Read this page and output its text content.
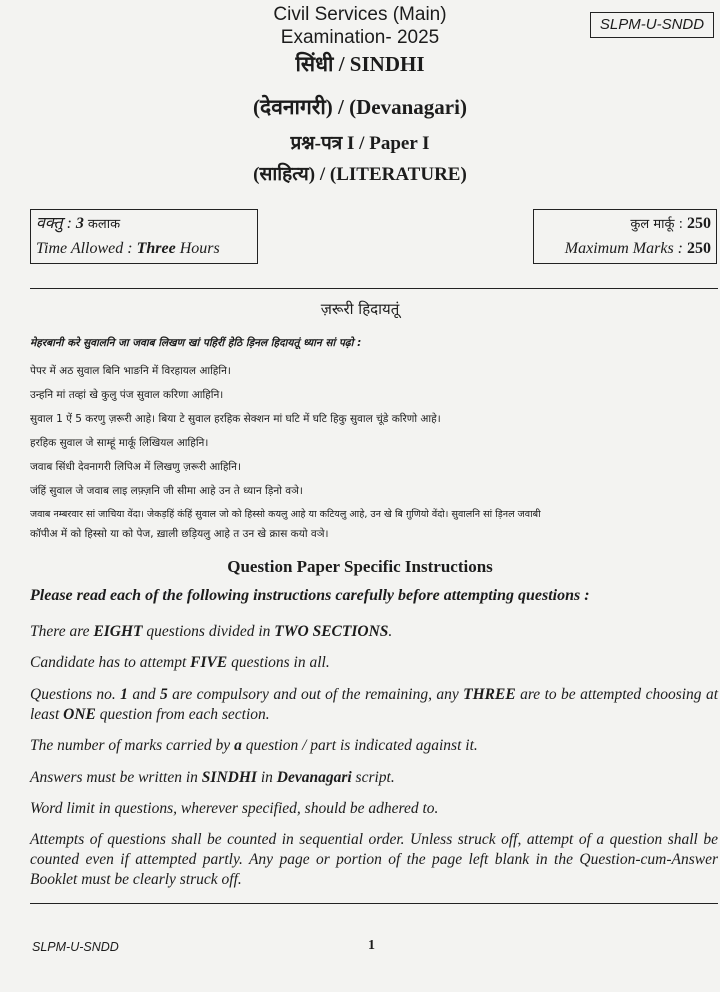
Civil Services (Main)
Examination- 2025
सिंधी / SINDHI
(देवनागरी) / (Devanagari)
प्रश्न-पत्र I / Paper I
(साहित्य) / (LITERATURE)
SLPM-U-SNDD
वक्तु : 3 कलाक
Time Allowed : Three Hours
कुल मार्कू : 250
Maximum Marks : 250
ज़रूरी हिदायतूं
मेहरबानी करे सुवालनि जा जवाब लिखण खां पहिरीं हेठि ड़िनल हिदायतूं ध्यान सां पढ़ो :
पेपर में अठ सुवाल बिनि भाङनि में विरहायल आहिनि।
उन्हनि मां तव्हां खे कुलु पंज सुवाल करिणा आहिनि।
सुवाल 1 ऐं 5 करणु ज़रूरी आहे। बिया टे सुवाल हरहिक सेक्शन मां घटि में घटि हिकु सुवाल चूंडे करिणो आहे।
हरहिक सुवाल जे साम्हूं मार्कू लिखियल आहिनि।
जवाब सिंधी देवनागरी लिपिअ में लिखणु ज़रूरी आहिनि।
जंहिं सुवाल जे जवाब लाइ लफ़्ज़नि जी सीमा आहे उन ते ध्यान ड़िनो वञे।
जवाब नम्बरवार सां जाचिया वेंदा। जेकड़हिं कंहिं सुवाल जो को हिस्सो कयलु आहे या कटियलु आहे, उन खे बि ग़ुणियो वेंदो। सुवालनि सां ड़िनल जवाबी
कॉपीअ में को हिस्सो या को पेज, ख़ाली छड़ियलु आहे त उन खे क्रास कयो वञे।
Question Paper Specific Instructions
Please read each of the following instructions carefully before attempting questions :
There are EIGHT questions divided in TWO SECTIONS.
Candidate has to attempt FIVE questions in all.
Questions no. 1 and 5 are compulsory and out of the remaining, any THREE are to be attempted choosing at least ONE question from each section.
The number of marks carried by a question / part is indicated against it.
Answers must be written in SINDHI in Devanagari script.
Word limit in questions, wherever specified, should be adhered to.
Attempts of questions shall be counted in sequential order. Unless struck off, attempt of a question shall be counted even if attempted partly. Any page or portion of the page left blank in the Question-cum-Answer Booklet must be clearly struck off.
SLPM-U-SNDD	1
